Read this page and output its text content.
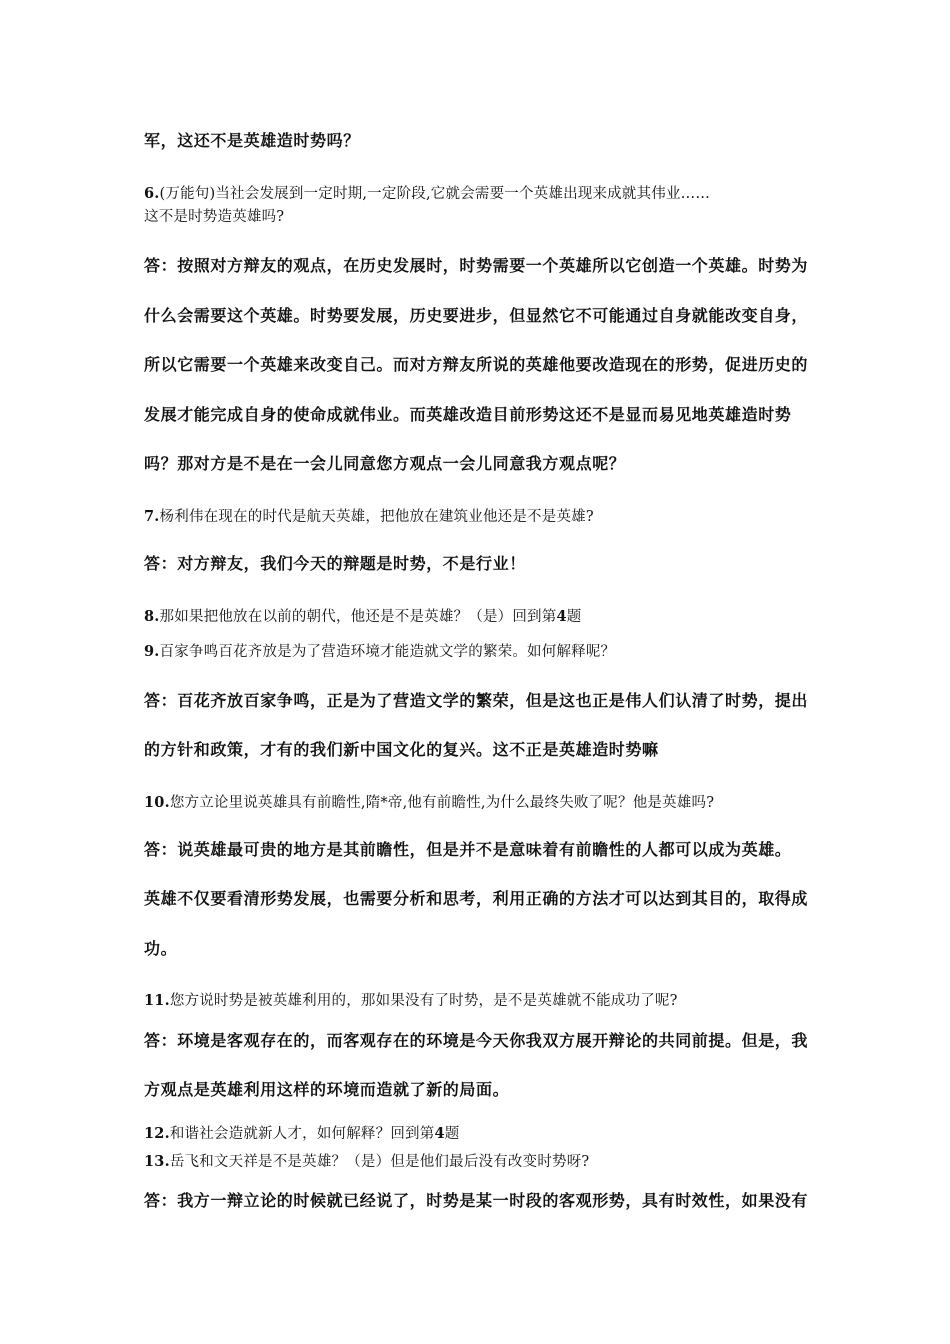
军，这还不是英雄造时势吗？
6.(万能句)当社会发展到一定时期,一定阶段,它就会需要一个英雄出现来成就其伟业……
这不是时势造英雄吗?
答：按照对方辩友的观点，在历史发展时，时势需要一个英雄所以它创造一个英雄。时势为
什么会需要这个英雄。时势要发展，历史要进步，但显然它不可能通过自身就能改变自身，
所以它需要一个英雄来改变自己。而对方辩友所说的英雄他要改造现在的形势，促进历史的
发展才能完成自身的使命成就伟业。而英雄改造目前形势这还不是显而易见地英雄造时势
吗？那对方是不是在一会儿同意您方观点一会儿同意我方观点呢？
7.杨利伟在现在的时代是航天英雄，把他放在建筑业他还是不是英雄?
答：对方辩友，我们今天的辩题是时势，不是行业！
8.那如果把他放在以前的朝代，他还是不是英雄？（是）回到第4题
9.百家争鸣百花齐放是为了营造环境才能造就文学的繁荣。如何解释呢？
答：百花齐放百家争鸣，正是为了营造文学的繁荣，但是这也正是伟人们认清了时势，提出
的方针和政策，才有的我们新中国文化的复兴。这不正是英雄造时势嘛
10.您方立论里说英雄具有前瞻性,隋*帝,他有前瞻性,为什么最终失败了呢？他是英雄吗?
答：说英雄最可贵的地方是其前瞻性，但是并不是意味着有前瞻性的人都可以成为英雄。
英雄不仅要看清形势发展，也需要分析和思考，利用正确的方法才可以达到其目的，取得成
功。
11.您方说时势是被英雄利用的，那如果没有了时势，是不是英雄就不能成功了呢?
答：环境是客观存在的，而客观存在的环境是今天你我双方展开辩论的共同前提。但是，我
方观点是英雄利用这样的环境而造就了新的局面。
12.和谐社会造就新人才，如何解释？回到第4题
13.岳飞和文天祥是不是英雄？（是）但是他们最后没有改变时势呀?
答：我方一辩立论的时候就已经说了，时势是某一时段的客观形势，具有时效性，如果没有
